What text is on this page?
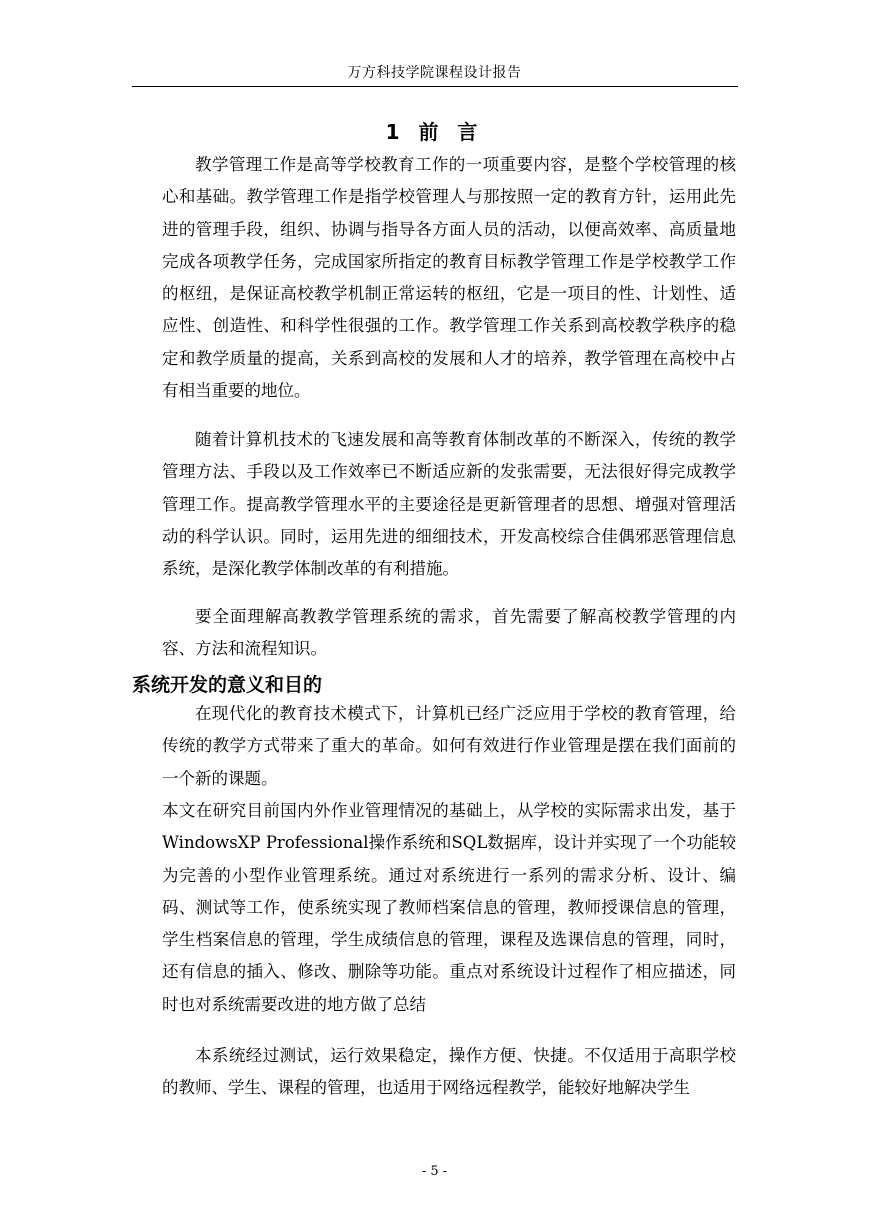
万方科技学院课程设计报告
1 前 言
教学管理工作是高等学校教育工作的一项重要内容，是整个学校管理的核心和基础。教学管理工作是指学校管理人与那按照一定的教育方针，运用此先进的管理手段，组织、协调与指导各方面人员的活动，以便高效率、高质量地完成各项教学任务，完成国家所指定的教育目标教学管理工作是学校教学工作的枢纽，是保证高校教学机制正常运转的枢纽，它是一项目的性、计划性、适应性、创造性、和科学性很强的工作。教学管理工作关系到高校教学秩序的稳定和教学质量的提高，关系到高校的发展和人才的培养，教学管理在高校中占有相当重要的地位。
随着计算机技术的飞速发展和高等教育体制改革的不断深入，传统的教学管理方法、手段以及工作效率已不断适应新的发张需要，无法很好得完成教学管理工作。提高教学管理水平的主要途径是更新管理者的思想、增强对管理活动的科学认识。同时，运用先进的细细技术，开发高校综合佳偶邪恶管理信息系统，是深化教学体制改革的有利措施。
要全面理解高教教学管理系统的需求，首先需要了解高校教学管理的内容、方法和流程知识。
系统开发的意义和目的
在现代化的教育技术模式下，计算机已经广泛应用于学校的教育管理，给传统的教学方式带来了重大的革命。如何有效进行作业管理是摆在我们面前的一个新的课题。
本文在研究目前国内外作业管理情况的基础上，从学校的实际需求出发，基于WindowsXP Professional操作系统和SQL数据库，设计并实现了一个功能较为完善的小型作业管理系统。通过对系统进行一系列的需求分析、设计、编码、测试等工作，使系统实现了教师档案信息的管理，教师授课信息的管理，学生档案信息的管理，学生成绩信息的管理，课程及选课信息的管理，同时，还有信息的插入、修改、删除等功能。重点对系统设计过程作了相应描述，同时也对系统需要改进的地方做了总结
本系统经过测试，运行效果稳定，操作方便、快捷。不仅适用于高职学校的教师、学生、课程的管理，也适用于网络远程教学，能较好地解决学生
- 5 -
